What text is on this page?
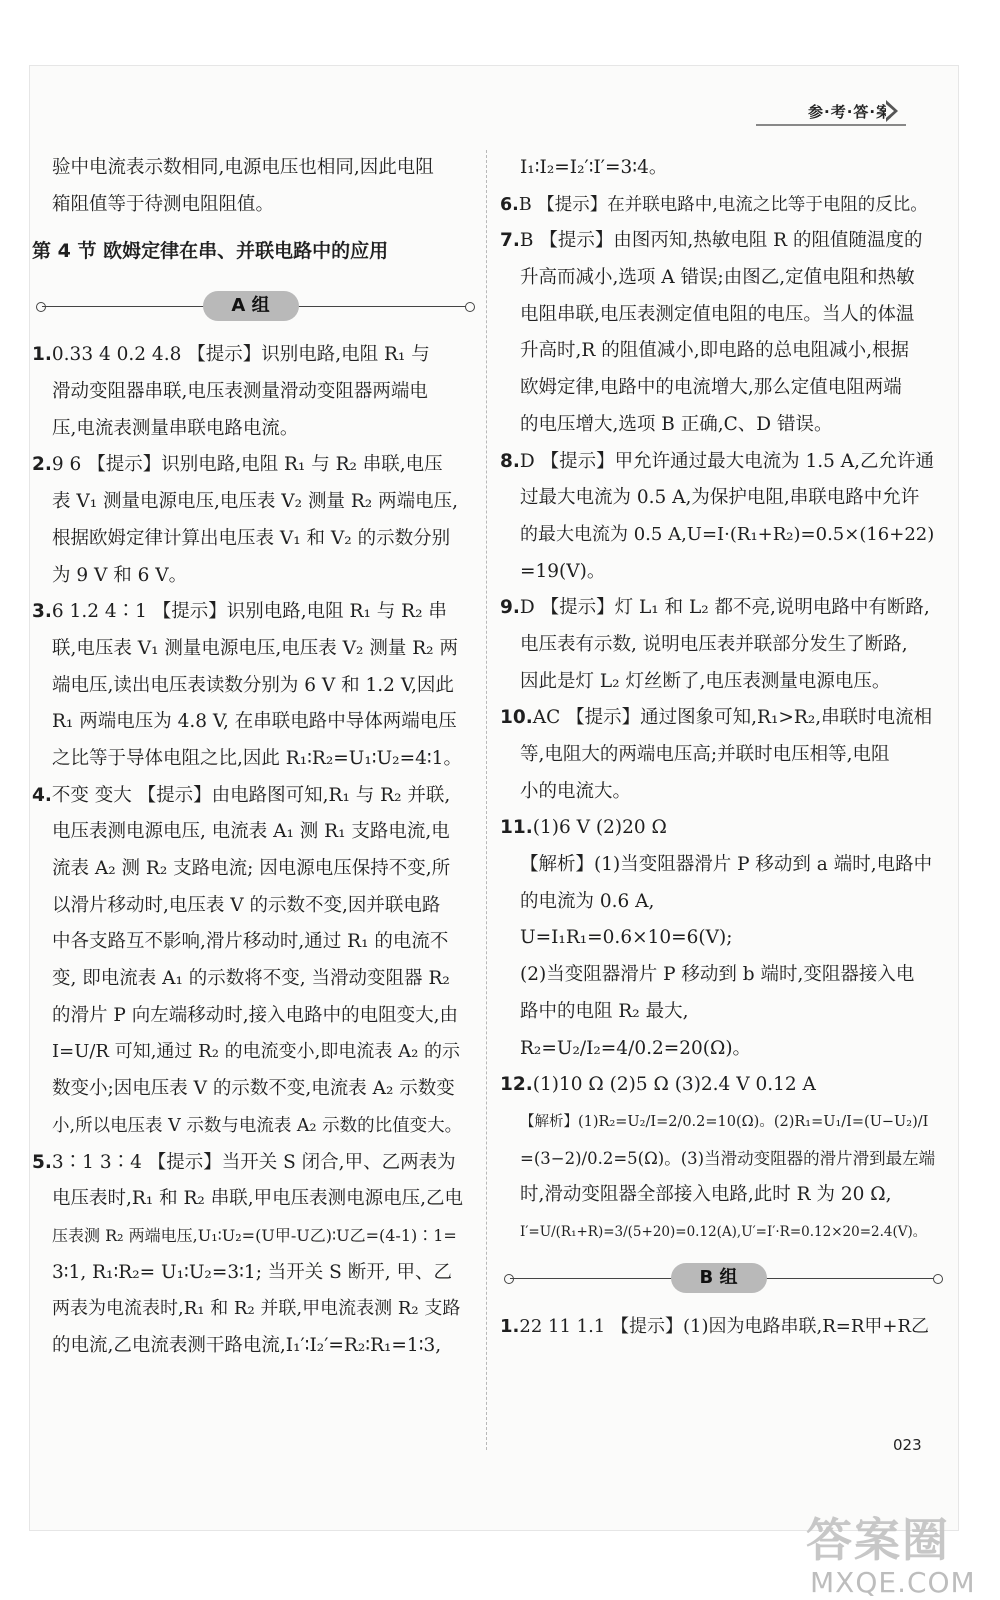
参·考·答·案
验中电流表示数相同,电源电压也相同,因此电阻
箱阻值等于待测电阻阻值。
第 4 节 欧姆定律在串、并联电路中的应用
A 组
1.0.33 4 0.2 4.8 【提示】识别电路,电阻 R₁ 与
滑动变阻器串联,电压表测量滑动变阻器两端电
压,电流表测量串联电路电流。
2.9 6 【提示】识别电路,电阻 R₁ 与 R₂ 串联,电压
表 V₁ 测量电源电压,电压表 V₂ 测量 R₂ 两端电压,
根据欧姆定律计算出电压表 V₁ 和 V₂ 的示数分别
为 9 V 和 6 V。
3.6 1.2 4∶1 【提示】识别电路,电阻 R₁ 与 R₂ 串
联,电压表 V₁ 测量电源电压,电压表 V₂ 测量 R₂ 两
端电压,读出电压表读数分别为 6 V 和 1.2 V,因此
R₁ 两端电压为 4.8 V, 在串联电路中导体两端电压
之比等于导体电阻之比,因此 R₁∶R₂=U₁∶U₂=4∶1。
4.不变 变大 【提示】由电路图可知,R₁ 与 R₂ 并联,
电压表测电源电压, 电流表 A₁ 测 R₁ 支路电流,电
流表 A₂ 测 R₂ 支路电流; 因电源电压保持不变,所
以滑片移动时,电压表 V 的示数不变,因并联电路
中各支路互不影响,滑片移动时,通过 R₁ 的电流不
变, 即电流表 A₁ 的示数将不变, 当滑动变阻器 R₂
的滑片 P 向左端移动时,接入电路中的电阻变大,由
I=U/R 可知,通过 R₂ 的电流变小,即电流表 A₂ 的示
数变小;因电压表 V 的示数不变,电流表 A₂ 示数变
小,所以电压表 V 示数与电流表 A₂ 示数的比值变大。
5.3∶1 3∶4 【提示】当开关 S 闭合,甲、乙两表为
电压表时,R₁ 和 R₂ 串联,甲电压表测电源电压,乙电
压表测 R₂ 两端电压,U₁∶U₂=(U甲-U乙)∶U乙=(4-1)∶1=
3∶1, R₁∶R₂= U₁∶U₂=3∶1; 当开关 S 断开, 甲、乙
两表为电流表时,R₁ 和 R₂ 并联,甲电流表测 R₂ 支路
的电流,乙电流表测干路电流,I₁′∶I₂′=R₂∶R₁=1∶3,
I₁∶I₂=I₂′∶I′=3∶4。
6.B 【提示】在并联电路中,电流之比等于电阻的反比。
7.B 【提示】由图丙知,热敏电阻 R 的阻值随温度的
升高而减小,选项 A 错误;由图乙,定值电阻和热敏
电阻串联,电压表测定值电阻的电压。当人的体温
升高时,R 的阻值减小,即电路的总电阻减小,根据
欧姆定律,电路中的电流增大,那么定值电阻两端
的电压增大,选项 B 正确,C、D 错误。
8.D 【提示】甲允许通过最大电流为 1.5 A,乙允许通
过最大电流为 0.5 A,为保护电阻,串联电路中允许
的最大电流为 0.5 A,U=I·(R₁+R₂)=0.5×(16+22)
=19(V)。
9.D 【提示】灯 L₁ 和 L₂ 都不亮,说明电路中有断路,
电压表有示数, 说明电压表并联部分发生了断路,
因此是灯 L₂ 灯丝断了,电压表测量电源电压。
10.AC 【提示】通过图象可知,R₁>R₂,串联时电流相
等,电阻大的两端电压高;并联时电压相等,电阻
小的电流大。
11.(1)6 V (2)20 Ω
【解析】(1)当变阻器滑片 P 移动到 a 端时,电路中
的电流为 0.6 A,
U=I₁R₁=0.6×10=6(V);
(2)当变阻器滑片 P 移动到 b 端时,变阻器接入电
路中的电阻 R₂ 最大,
R₂=U₂/I₂=4/0.2=20(Ω)。
12.(1)10 Ω (2)5 Ω (3)2.4 V 0.12 A
【解析】(1)R₂=U₂/I=2/0.2=10(Ω)。(2)R₁=U₁/I=(U−U₂)/I
=(3−2)/0.2=5(Ω)。(3)当滑动变阻器的滑片滑到最左端
时,滑动变阻器全部接入电路,此时 R 为 20 Ω,
I′=U/(R₁+R)=3/(5+20)=0.12(A),U′=I′·R=0.12×20=2.4(V)。
B 组
1.22 11 1.1 【提示】(1)因为电路串联,R=R甲+R乙
023
答案圈
MXQE.COM
